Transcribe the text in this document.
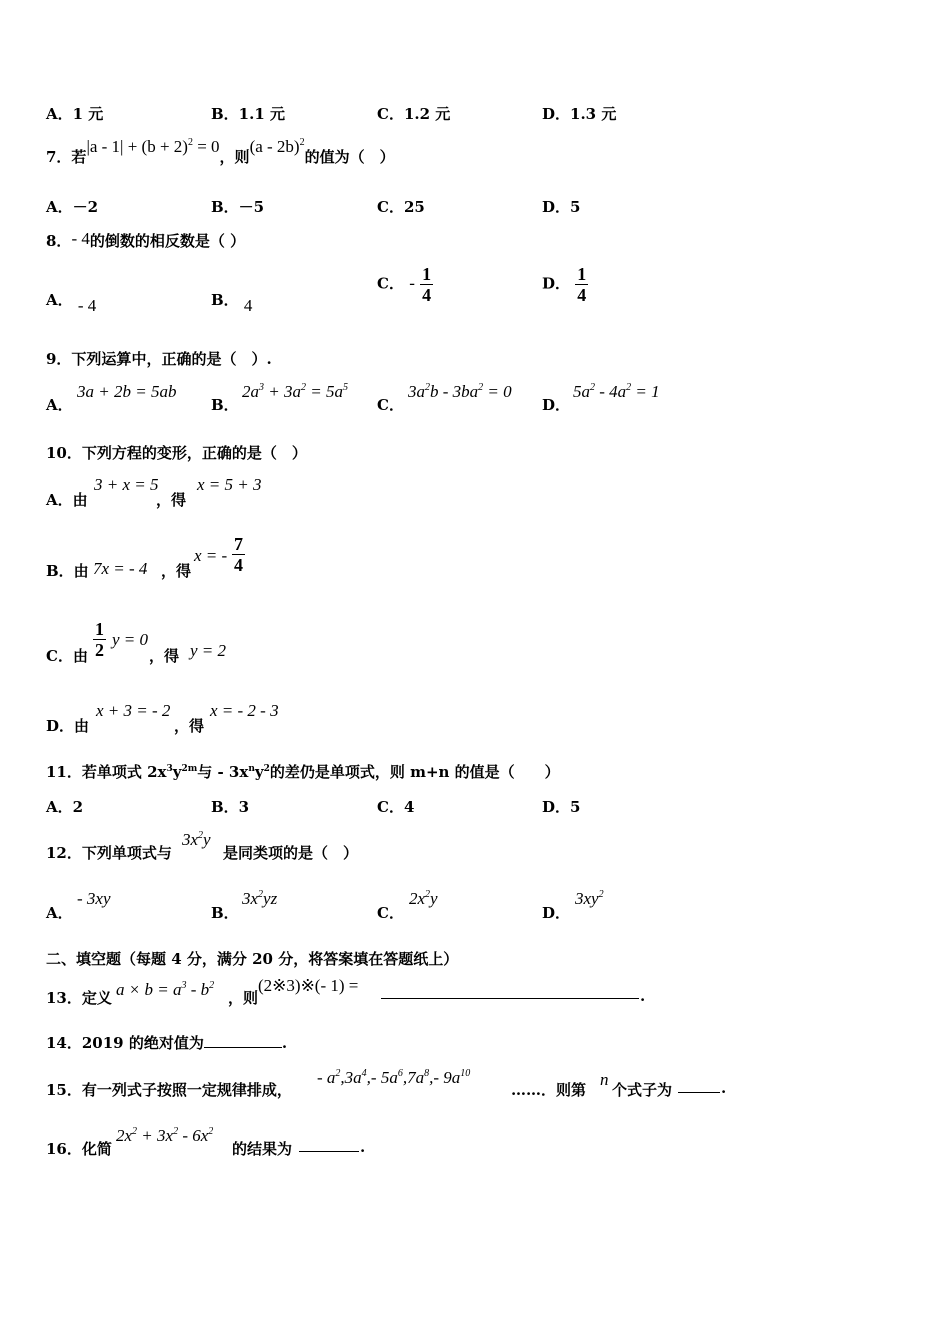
A．1 元	B．1.1 元	C．1.2 元	D．1.3 元
7．若$|a - 1| + (b + 2)^2 = 0$，则(a - 2b)$^2$的值为（　）
A．－2	B．－5	C．25	D．5
8．- 4的倒数的相反数是（ ）
A． - 4	B． 4
C． - $\frac{1}{4}$	D． $\frac{1}{4}$
9．下列运算中，正确的是（　）.
A．
3a + 2b = 5ab
B．
$2a^3 + 3a^2 = 5a^5$
C．
$3a^2b - 3ba^2 = 0$
D．
$5a^2 - 4a^2 = 1$
10．下列方程的变形，正确的是（　）
A．由
3 + x = 5
，得
x = 5 + 3
B．由 7x = - 4 ，得
x = - $\frac{7}{4}$
C．由 $\frac{1}{2}$ y = 0
，得 y = 2
D．由
x + 3 = - 2
，得
x = - 2 - 3
11．若单项式 $2x^3y^{2m}$与 - $3x^ny^2$的差仍是单项式，则 m+n 的值是（　　）
A．2	B．3	C．4	D．5
12．下列单项式与
$3x^2y$
是同类项的是（　）
A．
- 3xy
B．
$3x^2yz$
C．
$2x^2y$
D．
$3xy^2$
二、填空题（每题 4 分，满分 20 分，将答案填在答题纸上）
13．定义 $a \times b = a^3 - b^2$
，则
(2※3)※(- 1) =
.
14．2019 的绝对值为	.
15．有一列式子按照一定规律排成，
- $a^2,3a^4,-$ $5a^6,7a^8,-$ $9a^{10}$
……．则第
n
个式子为	.
16．化简
$2x^2 + 3x^2 - 6x^2$
的结果为	.
